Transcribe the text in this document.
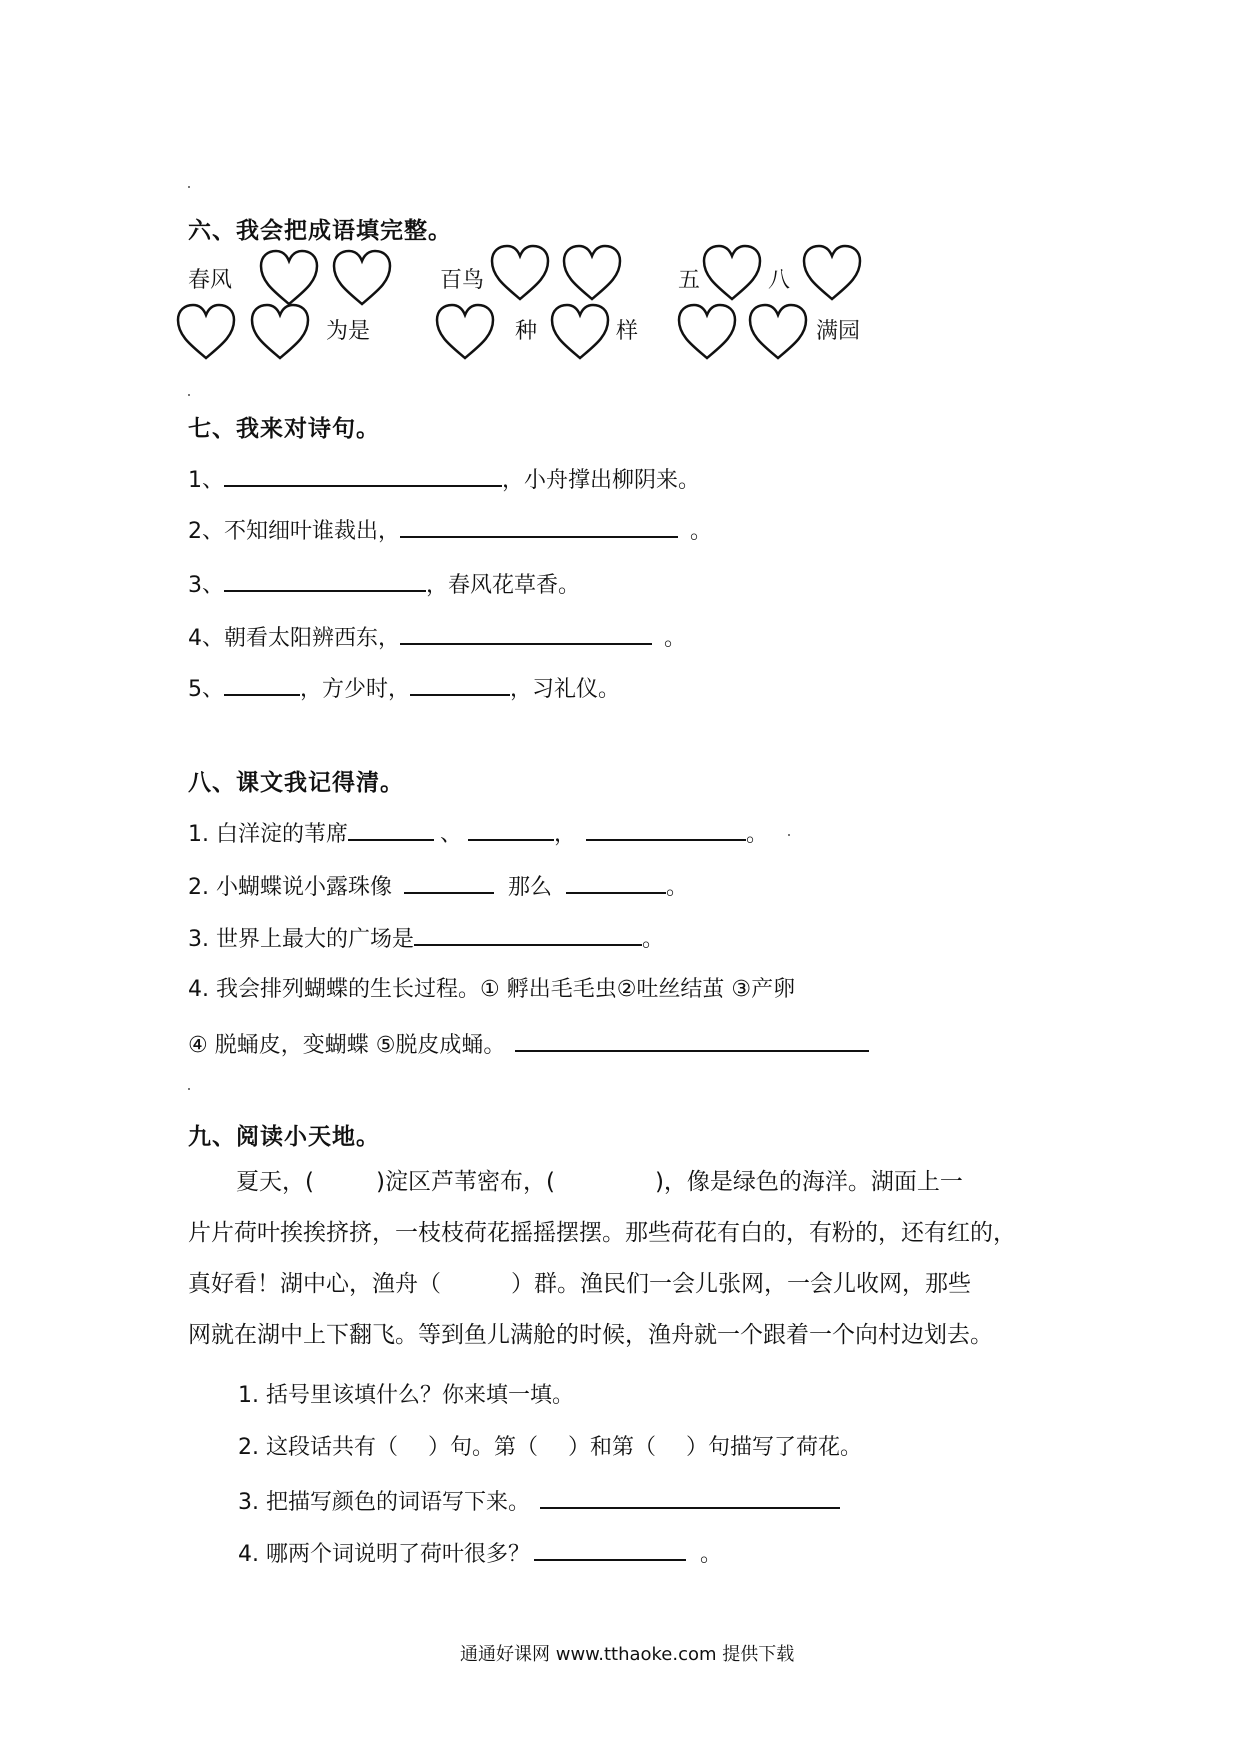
六、我会把成语填完整。
春风	百鸟	五	八
为是	种	样	满园
七、我来对诗句。
1、	，小舟撑出柳阴来。
2、不知细叶谁裁出，	。
3、	，春风花草香。
4、朝看太阳辨西东，	。
5、	，方少时，	，习礼仪。
八、课文我记得清。
1. 白洋淀的苇席	、	，	。
2. 小蝴蝶说小露珠像	那么	。
3. 世界上最大的广场是	。
4. 我会排列蝴蝶的生长过程。① 孵出毛毛虫②吐丝结茧 ③产卵
④ 脱蛹皮，变蝴蝶 ⑤脱皮成蛹。
九、阅读小天地。
夏天，(	)淀区芦苇密布，(	)，像是绿色的海洋。湖面上一
片片荷叶挨挨挤挤，一枝枝荷花摇摇摆摆。那些荷花有白的，有粉的，还有红的，
真好看！湖中心，渔舟（	）群。渔民们一会儿张网，一会儿收网，那些
网就在湖中上下翻飞。等到鱼儿满舱的时候，渔舟就一个跟着一个向村边划去。
1. 括号里该填什么？你来填一填。
2. 这段话共有（ ）句。第（ ）和第（ ）句描写了荷花。
3. 把描写颜色的词语写下来。
4. 哪两个词说明了荷叶很多？	。
通通好课网 www.tthaoke.com 提供下载
